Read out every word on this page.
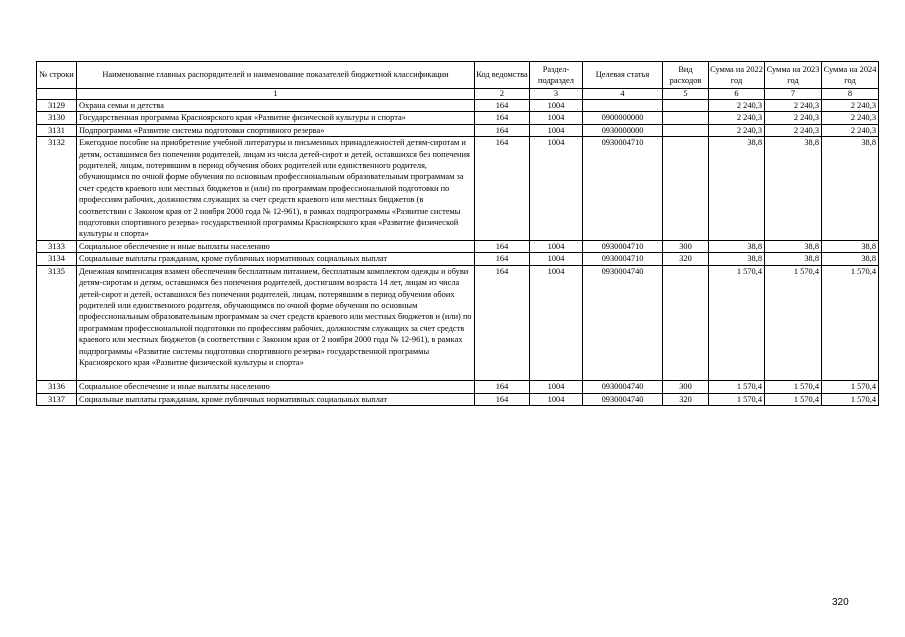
№ строки	Наименование главных распорядителей и наименование показателей бюджетной классификации	Код ведомства	Раздел-подраздел	Целевая статья	Вид расходов	Сумма на 2022 год	Сумма на 2023 год	Сумма на 2024 год
	1	2	3	4	5	6	7	8
3129	Охрана семьи и детства	164	1004			2 240,3	2 240,3	2 240,3
3130	Государственная программа Красноярского края «Развитие физической культуры и спорта»	164	1004	0900000000		2 240,3	2 240,3	2 240,3
3131	Подпрограмма «Развитие системы подготовки спортивного резерва»	164	1004	0930000000		2 240,3	2 240,3	2 240,3
3132	Ежегодное пособие на приобретение учебной литературы и письменных принадлежностей детям-сиротам и детям, оставшимся без попечения родителей, лицам из числа детей-сирот и детей, оставшихся без попечения родителей, лицам, потерявшим в период обучения обоих родителей или единственного родителя, обучающимся по очной форме обучения по основным профессиональным образовательным программам за счет средств краевого или местных бюджетов и (или) по программам профессиональной подготовки по профессиям рабочих, должностям служащих за счет средств краевого или местных бюджетов (в соответствии с Законом края от 2 ноября 2000 года № 12-961), в рамках подпрограммы «Развитие системы подготовки спортивного резерва» государственной программы Красноярского края «Развитие физической культуры и спорта»	164	1004	0930004710		38,8	38,8	38,8
3133	Социальное обеспечение и иные выплаты населению	164	1004	0930004710	300	38,8	38,8	38,8
3134	Социальные выплаты гражданам, кроме публичных нормативных социальных выплат	164	1004	0930004710	320	38,8	38,8	38,8
3135	Денежная компенсация взамен обеспечения бесплатным питанием, бесплатным комплектом одежды и обуви детям-сиротам и детям, оставшимся без попечения родителей, достигшим возраста 14 лет, лицам из числа детей-сирот и детей, оставшихся без попечения родителей, лицам, потерявшим в период обучения обоих родителей или единственного родителя, обучающимся по очной форме обучения по основным профессиональным образовательным программам за счет средств краевого или местных бюджетов и (или) по программам профессиональной подготовки по профессиям рабочих, должностям служащих за счет средств краевого или местных бюджетов (в соответствии с Законом края от 2 ноября 2000 года № 12-961), в рамках подпрограммы «Развитие системы подготовки спортивного резерва» государственной программы Красноярского края «Развитие физической культуры и спорта»	164	1004	0930004740		1 570,4	1 570,4	1 570,4
3136	Социальное обеспечение и иные выплаты населению	164	1004	0930004740	300	1 570,4	1 570,4	1 570,4
3137	Социальные выплаты гражданам, кроме публичных нормативных социальных выплат	164	1004	0930004740	320	1 570,4	1 570,4	1 570,4
320
